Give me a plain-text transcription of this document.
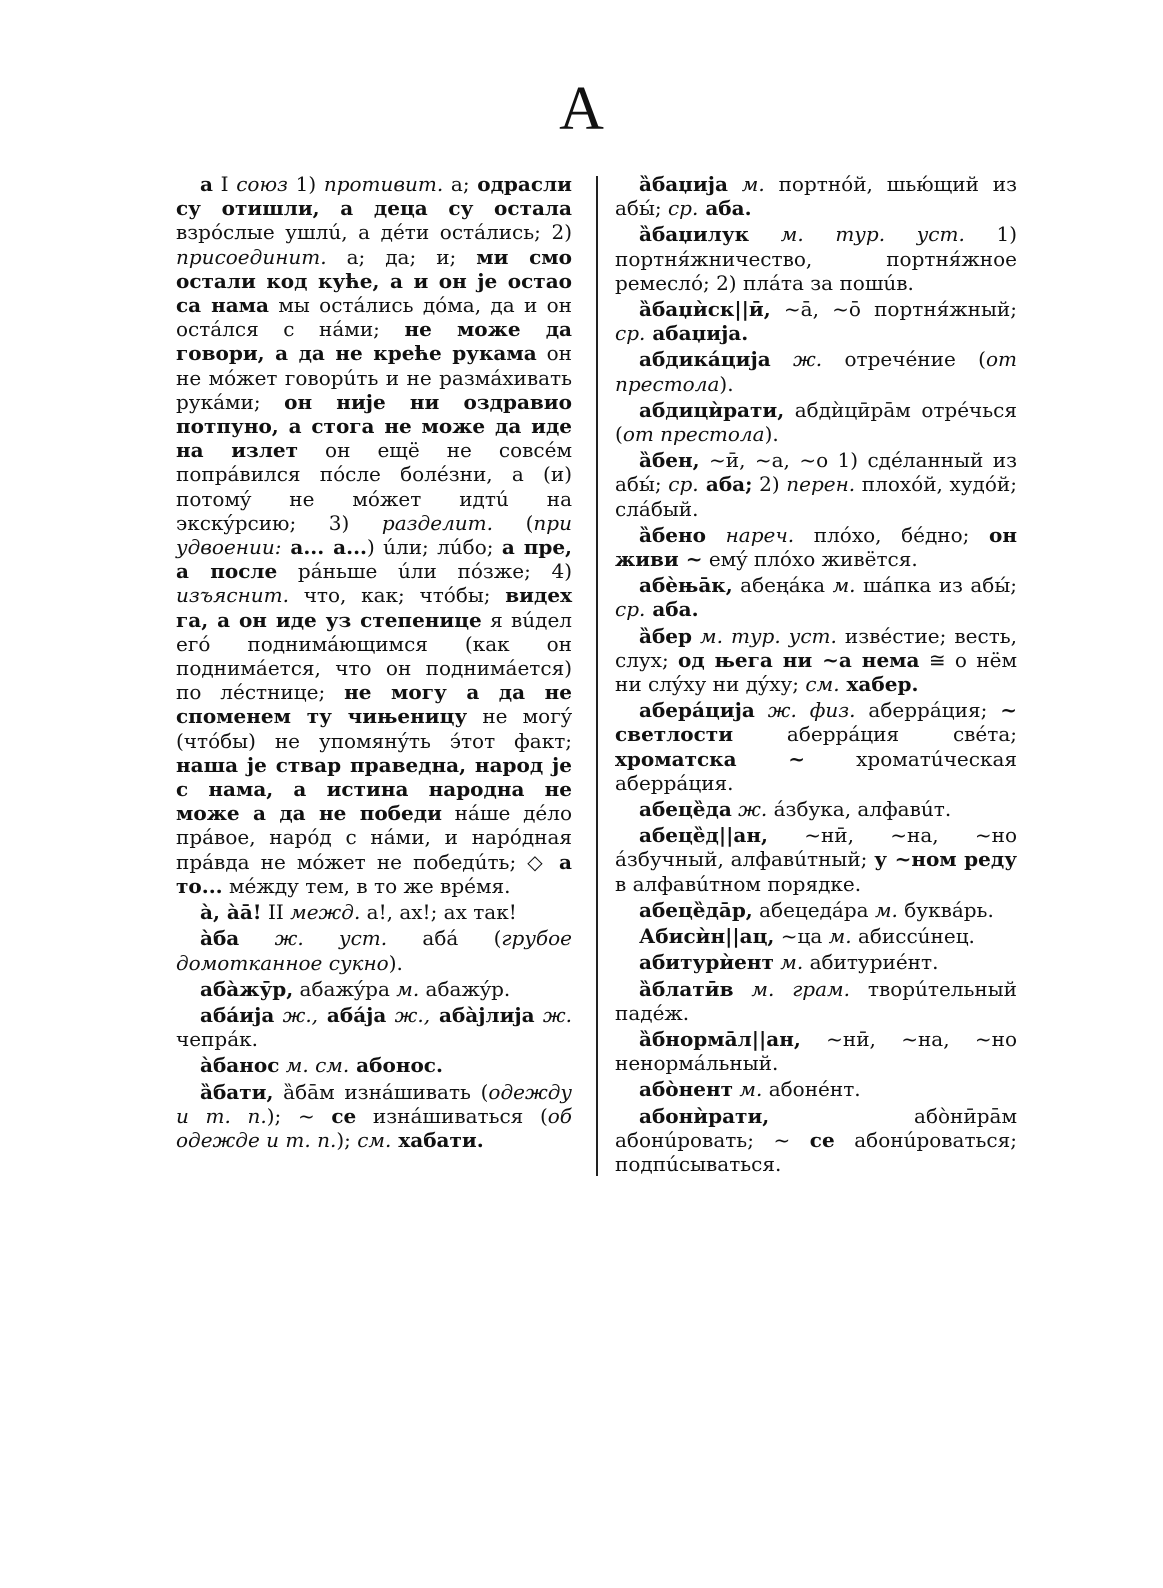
А

а I союз 1) противит. а; одрасли су отишли, а деца су остала взрóслые ушлú, а дéти остáлись; 2) присоединит. а; да; и; ми смо остали код куће, а и он је остао са нама мы остáлись дóма, да и он остáлся с нáми; не може да говори, а да не креће рукама он не мóжет говорúть и не размáхивать рукáми; он није ни оздравио потпуно, а стога не може да иде на излет он ещё не совсéм попрáвился пóсле болéзни, а (и) потомý не мóжет идтú на экскýрсию; 3) разделит. (при удвоении: а... а...) úли; лúбо; а пре, а после рáньше úли пóзже; 4) изъяснит. что, как; чтóбы; видех га, а он иде уз степенице я вúдел егó поднимáющимся (как он поднимáется, что он поднимáется) по лéстнице; не могу а да не споменем ту чињеницу не могý (чтóбы) не упомянýть э́тот факт; наша је ствар праведна, народ је с нама, а истина народна не може а да не победи нáше дéло прáвое, нарóд с нáми, и нарóдная прáвда не мóжет не победúть; ◇ а то... мéжду тем, в то же врéмя.

а̀, а̀а̄! II межд. а!, ах!; ах так!

а̀ба ж. уст. абá (грубое домотканное сукно).

аба̀жӯр, абажýра м. абажýр.

аба́ија ж., аба́ја ж., аба̀јлија ж. чепрáк.

а̀банос м. см. абонос.

а̏бати, а̏ба̄м изнáшивать (одежду и т. п.); ~ се изнáшиваться (об одежде и т. п.); см. хабати.

а̏баџија м. портнóй, шью́щий из абы́; ср. аба.

а̏баџилук м. тур. уст. 1) портня́жничество, портня́жное ремеслó; 2) плáта за пошúв.

а̏баџѝск||ӣ, ~а̄, ~о̄ портня́жный; ср. абаџија.

абдика́ција ж. отречéние (от престола).

абдицѝрати, абдѝцӣра̄м отрéчься (от престола).

а̏бен, ~ӣ, ~а, ~о 1) сдéланный из абы́; ср. аба; 2) перен. плохóй, худóй; слáбый.

а̏бено нареч. плóхо, бéдно; он живи ~ емý плóхо живётся.

абѐња̄к, абеңáка м. шáпка из абы́; ср. аба.

а̏бер м. тур. уст. извéстие; весть, слух; од њега ни ~а нема ≅ о нём ни слýху ни дýху; см. хабер.

абера́ција ж. физ. аберрáция; ~ светлости аберрáция свéта; хроматска ~ хроматúческая аберрáция.

абеце̏да ж. áзбука, алфавúт.

абеце̏д||ан, ~нӣ, ~на, ~но áзбучный, алфавúтный; у ~ном реду в алфавúтном порядке.

абеце̏да̄р, абецедáра м. буквáрь.

Абисѝн||ац, ~ца м. абиссúнец.

абитурѝент м. абитуриéнт.

а̏блатӣв м. грам. творúтельный падéж.

а̏бнорма̄л||ан, ~нӣ, ~на, ~но ненормáльный.

або̀нент м. абонéнт.

абонѝрати, або̀нӣра̄м абонúровать; ~ се абонúроваться; подпúсываться.
